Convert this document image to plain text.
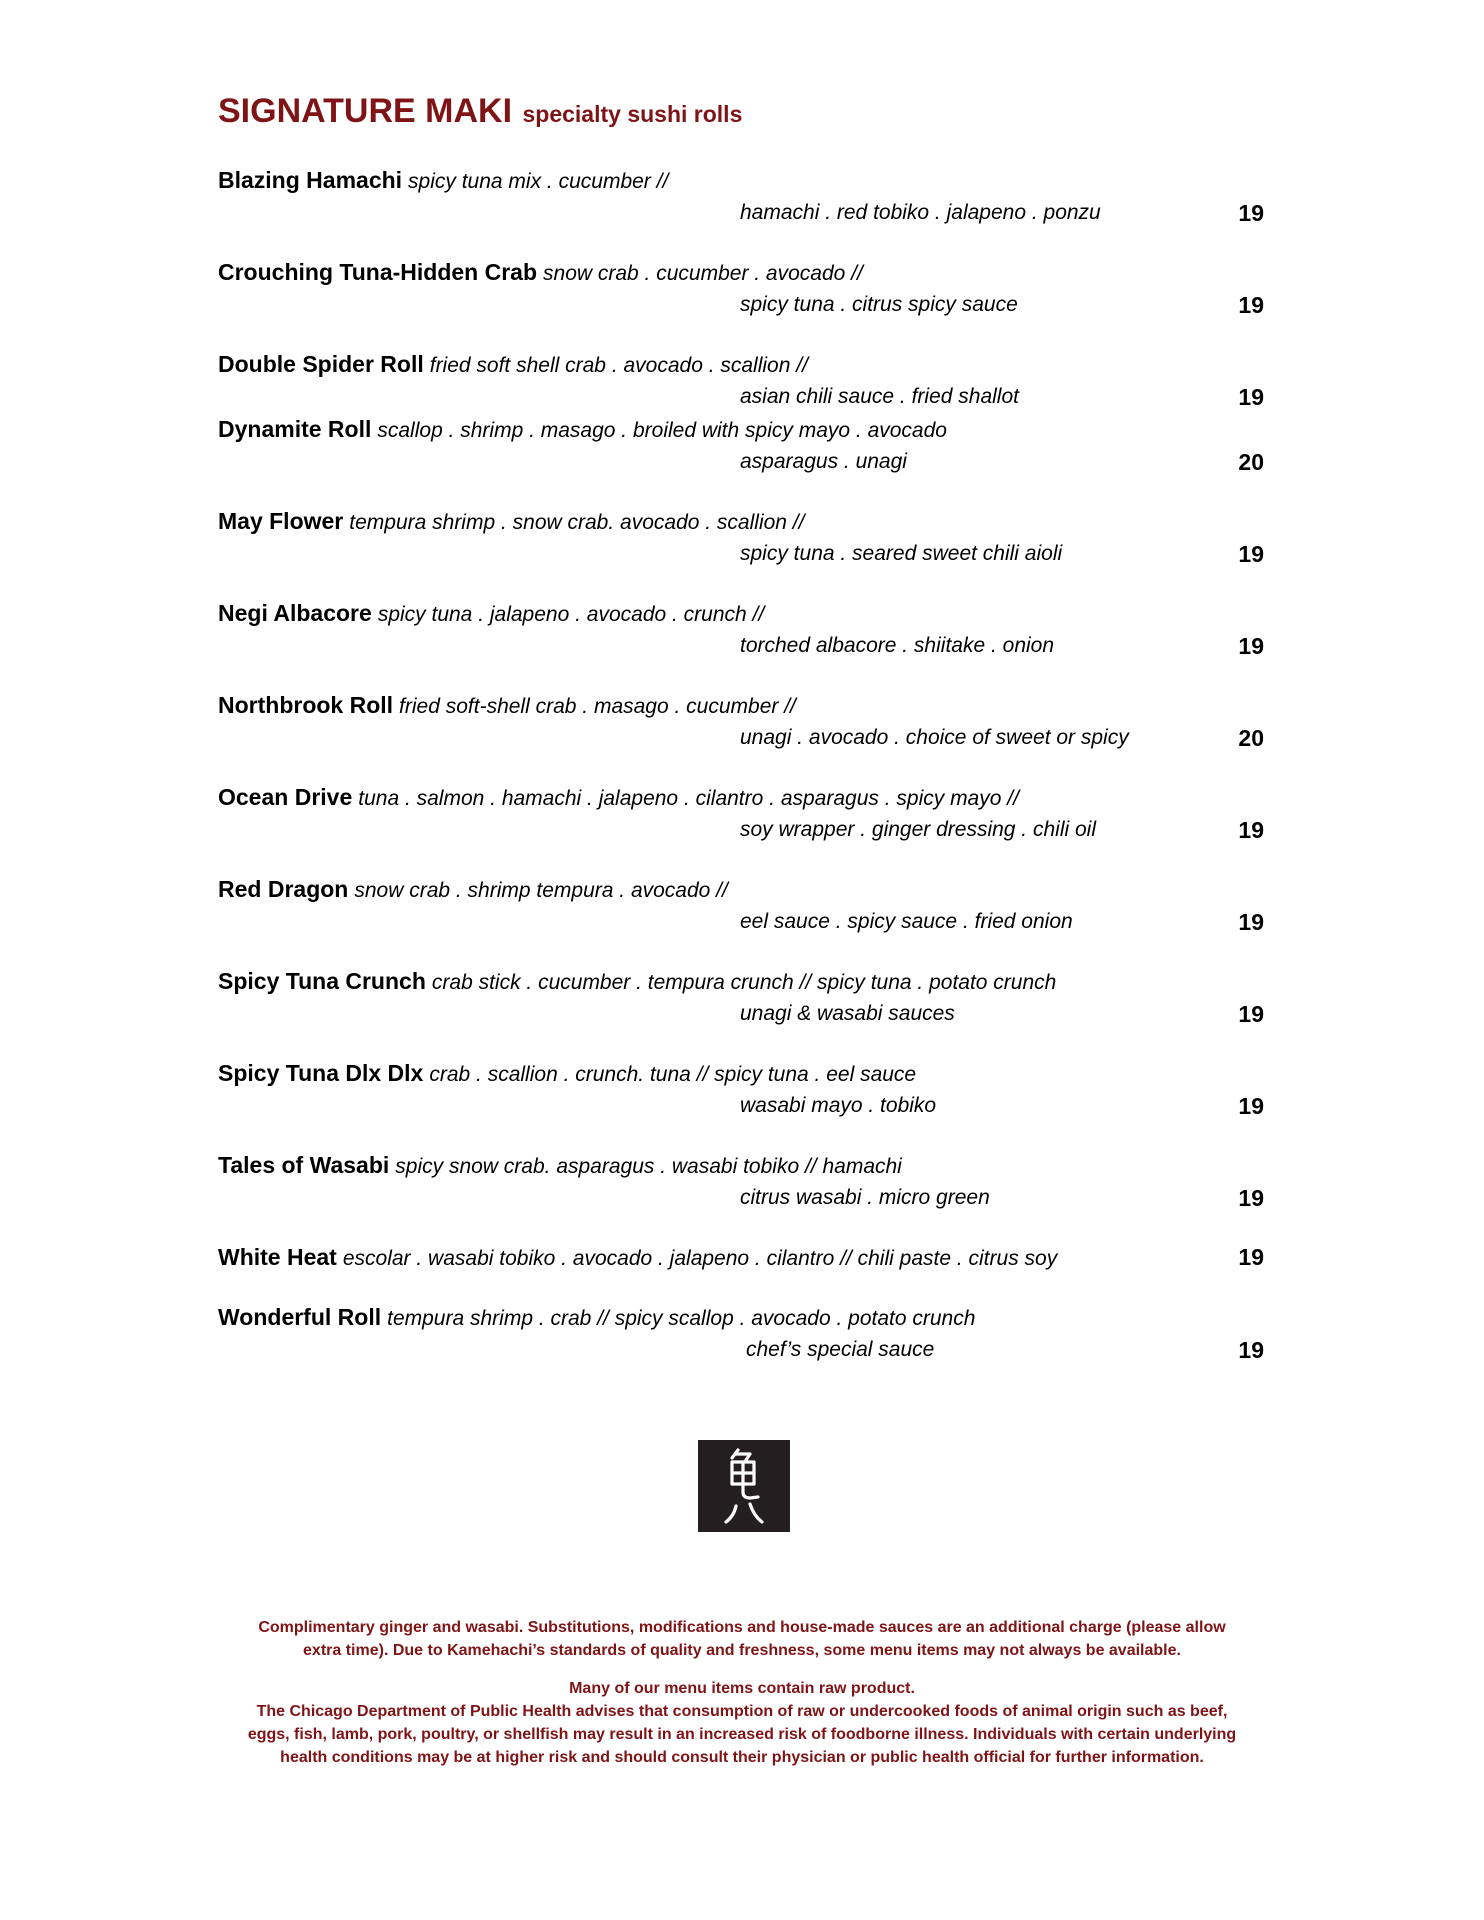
SIGNATURE MAKI specialty sushi rolls
Blazing Hamachi spicy tuna mix . cucumber //
hamachi . red tobiko . jalapeno . ponzu	19
Crouching Tuna-Hidden Crab snow crab . cucumber . avocado //
spicy tuna . citrus spicy sauce	19
Double Spider Roll fried soft shell crab . avocado . scallion //
asian chili sauce . fried shallot	19
Dynamite Roll scallop . shrimp . masago . broiled with spicy mayo . avocado
asparagus . unagi	20
May Flower tempura shrimp . snow crab. avocado . scallion //
spicy tuna . seared sweet chili aioli	19
Negi Albacore spicy tuna . jalapeno . avocado . crunch //
torched albacore . shiitake . onion	19
Northbrook Roll fried soft-shell crab . masago . cucumber //
unagi . avocado . choice of sweet or spicy	20
Ocean Drive tuna . salmon . hamachi . jalapeno . cilantro . asparagus . spicy mayo //
soy wrapper . ginger dressing . chili oil	19
Red Dragon snow crab . shrimp tempura . avocado //
eel sauce . spicy sauce . fried onion	19
Spicy Tuna Crunch crab stick . cucumber . tempura crunch // spicy tuna . potato crunch
unagi & wasabi sauces	19
Spicy Tuna Dlx Dlx crab . scallion . crunch. tuna // spicy tuna . eel sauce
wasabi mayo . tobiko	19
Tales of Wasabi spicy snow crab. asparagus . wasabi tobiko // hamachi
citrus wasabi . micro green	19
White Heat escolar . wasabi tobiko . avocado . jalapeno . cilantro // chili paste . citrus soy	19
Wonderful Roll tempura shrimp . crab // spicy scallop . avocado . potato crunch
chef’s special sauce	19

Complimentary ginger and wasabi. Substitutions, modifications and house-made sauces are an additional charge (please allow

extra time). Due to Kamehachi’s standards of quality and freshness, some menu items may not always be available.

Many of our menu items contain raw product.

The Chicago Department of Public Health advises that consumption of raw or undercooked foods of animal origin such as beef,

eggs, fish, lamb, pork, poultry, or shellfish may result in an increased risk of foodborne illness. Individuals with certain underlying

health conditions may be at higher risk and should consult their physician or public health official for further information.
